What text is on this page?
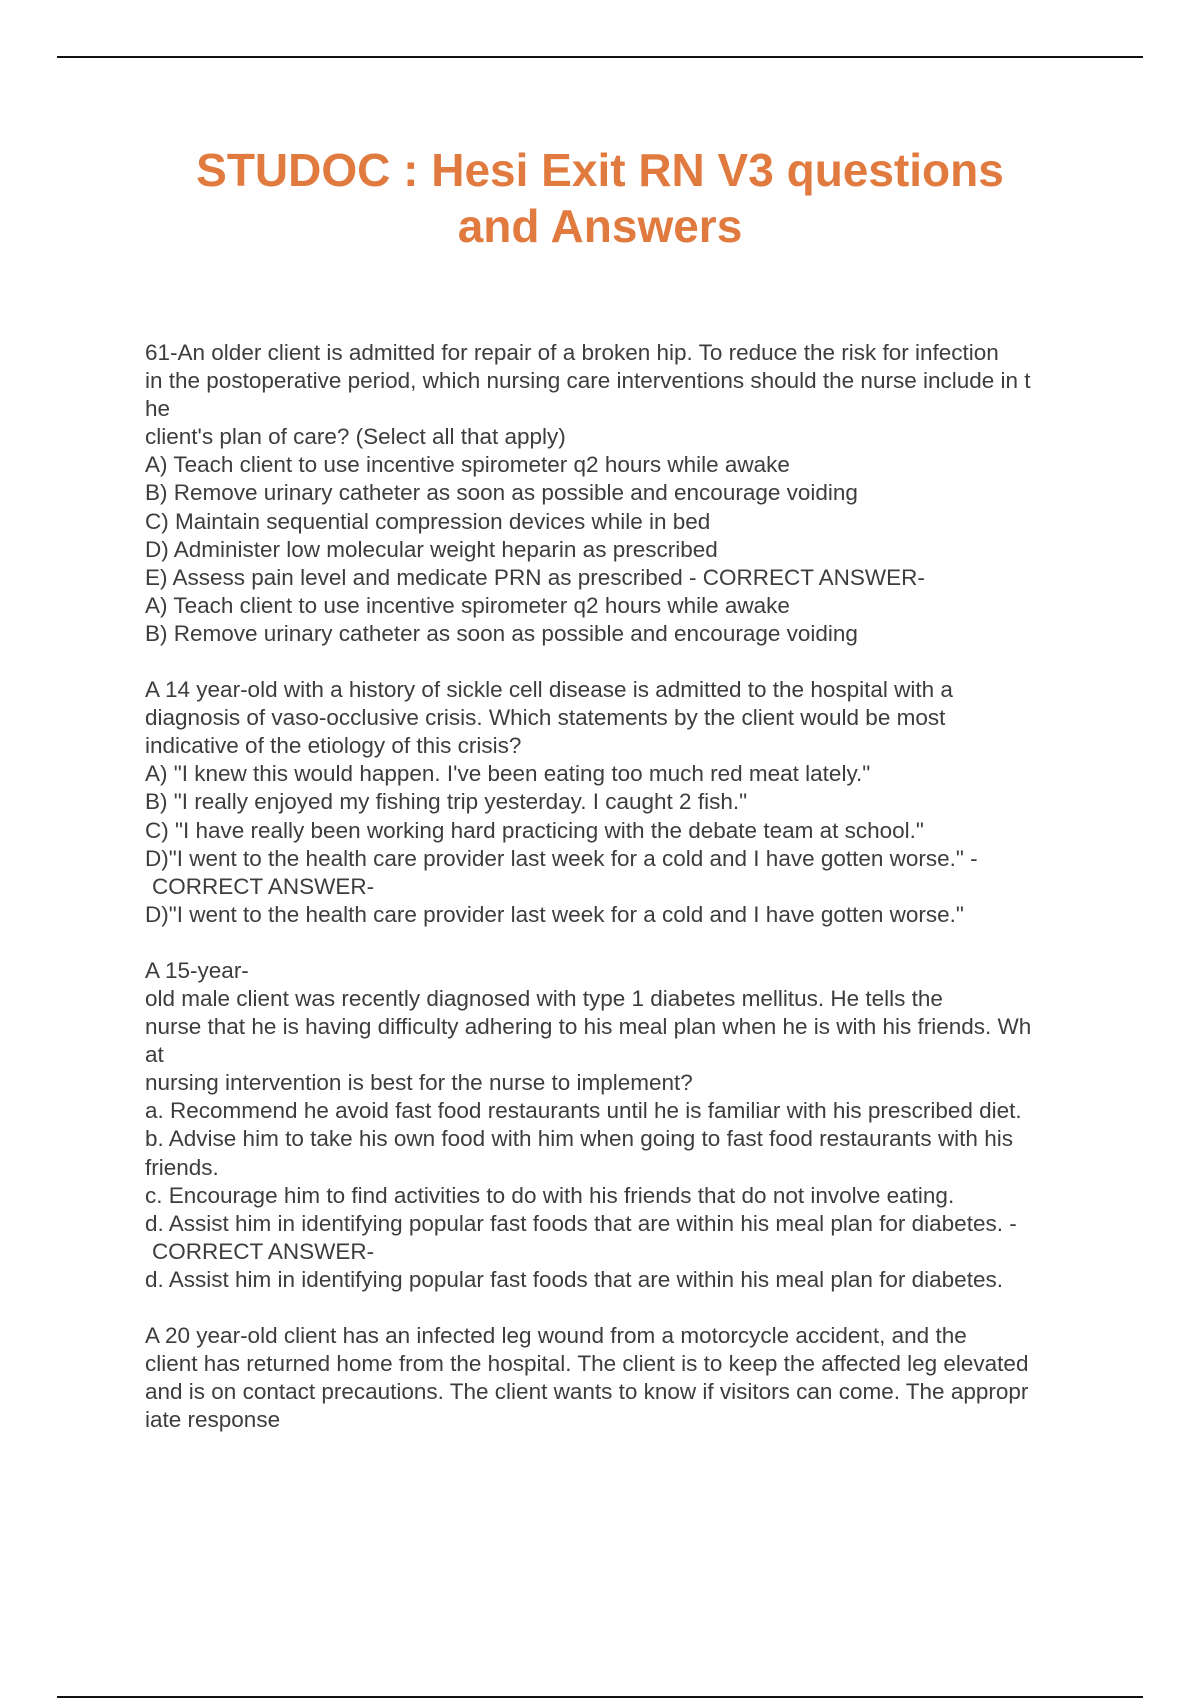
STUDOC : Hesi Exit RN V3 questions
and Answers
61-An older client is admitted for repair of a broken hip. To reduce the risk for infection
in the postoperative period, which nursing care interventions should the nurse include in t
he
client's plan of care? (Select all that apply)
A) Teach client to use incentive spirometer q2 hours while awake
B) Remove urinary catheter as soon as possible and encourage voiding
C) Maintain sequential compression devices while in bed
D) Administer low molecular weight heparin as prescribed
E) Assess pain level and medicate PRN as prescribed - CORRECT ANSWER-
A) Teach client to use incentive spirometer q2 hours while awake
B) Remove urinary catheter as soon as possible and encourage voiding
A 14 year-old with a history of sickle cell disease is admitted to the hospital with a
diagnosis of vaso-occlusive crisis. Which statements by the client would be most
indicative of the etiology of this crisis?
A) "I knew this would happen. I've been eating too much red meat lately."
B) "I really enjoyed my fishing trip yesterday. I caught 2 fish."
C) "I have really been working hard practicing with the debate team at school."
D)"I went to the health care provider last week for a cold and I have gotten worse." -
CORRECT ANSWER-
D)"I went to the health care provider last week for a cold and I have gotten worse."
A 15-year-
old male client was recently diagnosed with type 1 diabetes mellitus. He tells the
nurse that he is having difficulty adhering to his meal plan when he is with his friends. Wh
at
nursing intervention is best for the nurse to implement?
a. Recommend he avoid fast food restaurants until he is familiar with his prescribed diet.
b. Advise him to take his own food with him when going to fast food restaurants with his
friends.
c. Encourage him to find activities to do with his friends that do not involve eating.
d. Assist him in identifying popular fast foods that are within his meal plan for diabetes. -
CORRECT ANSWER-
d. Assist him in identifying popular fast foods that are within his meal plan for diabetes.
A 20 year-old client has an infected leg wound from a motorcycle accident, and the
client has returned home from the hospital. The client is to keep the affected leg elevated
and is on contact precautions. The client wants to know if visitors can come. The appropr
iate response
